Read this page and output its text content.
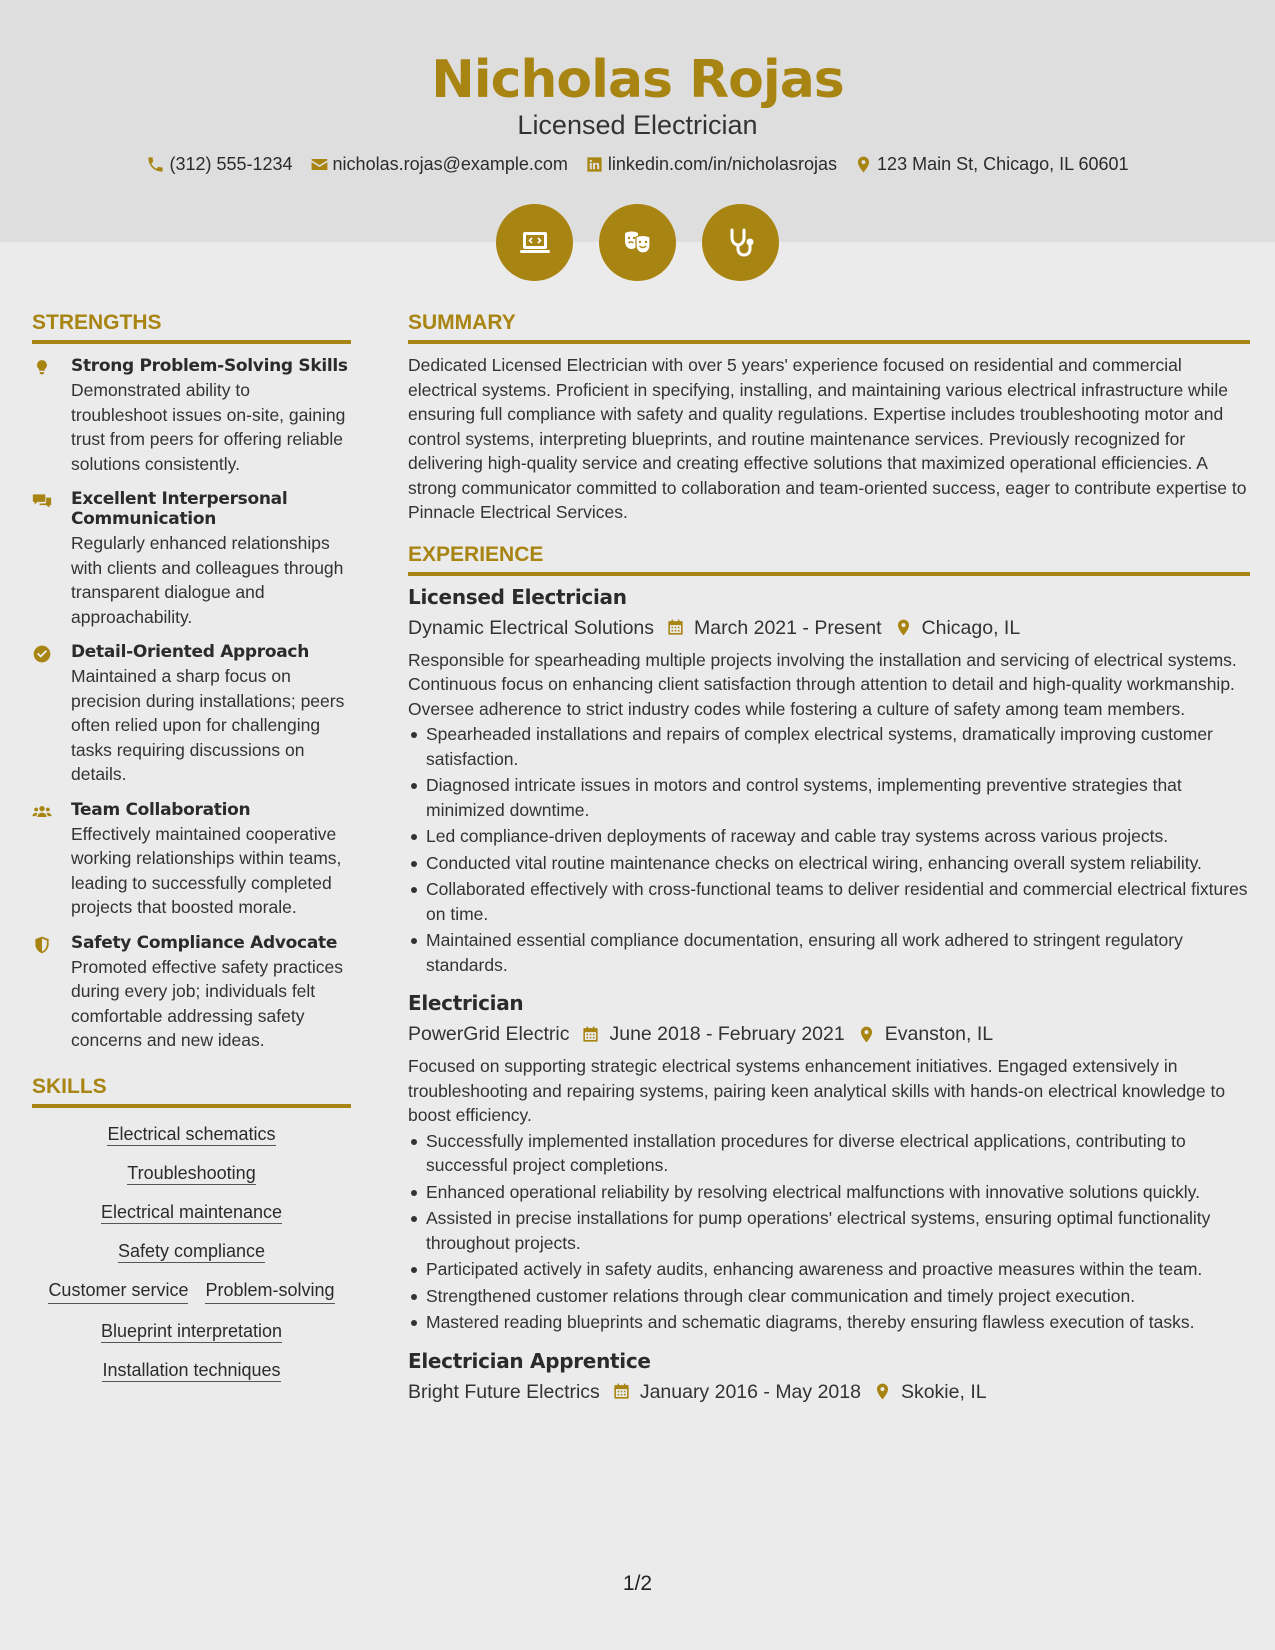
Nicholas Rojas
Licensed Electrician
(312) 555-1234 nicholas.rojas@example.com linkedin.com/in/nicholasrojas 123 Main St, Chicago, IL 60601
STRENGTHS
Strong Problem-Solving Skills
Demonstrated ability to troubleshoot issues on-site, gaining trust from peers for offering reliable solutions consistently.
Excellent Interpersonal Communication
Regularly enhanced relationships with clients and colleagues through transparent dialogue and approachability.
Detail-Oriented Approach
Maintained a sharp focus on precision during installations; peers often relied upon for challenging tasks requiring discussions on details.
Team Collaboration
Effectively maintained cooperative working relationships within teams, leading to successfully completed projects that boosted morale.
Safety Compliance Advocate
Promoted effective safety practices during every job; individuals felt comfortable addressing safety concerns and new ideas.
SKILLS
Electrical schematics
Troubleshooting
Electrical maintenance
Safety compliance
Customer service Problem-solving
Blueprint interpretation
Installation techniques
SUMMARY
Dedicated Licensed Electrician with over 5 years' experience focused on residential and commercial electrical systems. Proficient in specifying, installing, and maintaining various electrical infrastructure while ensuring full compliance with safety and quality regulations. Expertise includes troubleshooting motor and control systems, interpreting blueprints, and routine maintenance services. Previously recognized for delivering high-quality service and creating effective solutions that maximized operational efficiencies. A strong communicator committed to collaboration and team-oriented success, eager to contribute expertise to Pinnacle Electrical Services.
EXPERIENCE
Licensed Electrician
Dynamic Electrical Solutions March 2021 - Present Chicago, IL
Responsible for spearheading multiple projects involving the installation and servicing of electrical systems. Continuous focus on enhancing client satisfaction through attention to detail and high-quality workmanship. Oversee adherence to strict industry codes while fostering a culture of safety among team members.
Spearheaded installations and repairs of complex electrical systems, dramatically improving customer satisfaction.
Diagnosed intricate issues in motors and control systems, implementing preventive strategies that minimized downtime.
Led compliance-driven deployments of raceway and cable tray systems across various projects.
Conducted vital routine maintenance checks on electrical wiring, enhancing overall system reliability.
Collaborated effectively with cross-functional teams to deliver residential and commercial electrical fixtures on time.
Maintained essential compliance documentation, ensuring all work adhered to stringent regulatory standards.
Electrician
PowerGrid Electric June 2018 - February 2021 Evanston, IL
Focused on supporting strategic electrical systems enhancement initiatives. Engaged extensively in troubleshooting and repairing systems, pairing keen analytical skills with hands-on electrical knowledge to boost efficiency.
Successfully implemented installation procedures for diverse electrical applications, contributing to successful project completions.
Enhanced operational reliability by resolving electrical malfunctions with innovative solutions quickly.
Assisted in precise installations for pump operations' electrical systems, ensuring optimal functionality throughout projects.
Participated actively in safety audits, enhancing awareness and proactive measures within the team.
Strengthened customer relations through clear communication and timely project execution.
Mastered reading blueprints and schematic diagrams, thereby ensuring flawless execution of tasks.
Electrician Apprentice
Bright Future Electrics January 2016 - May 2018 Skokie, IL
1/2
